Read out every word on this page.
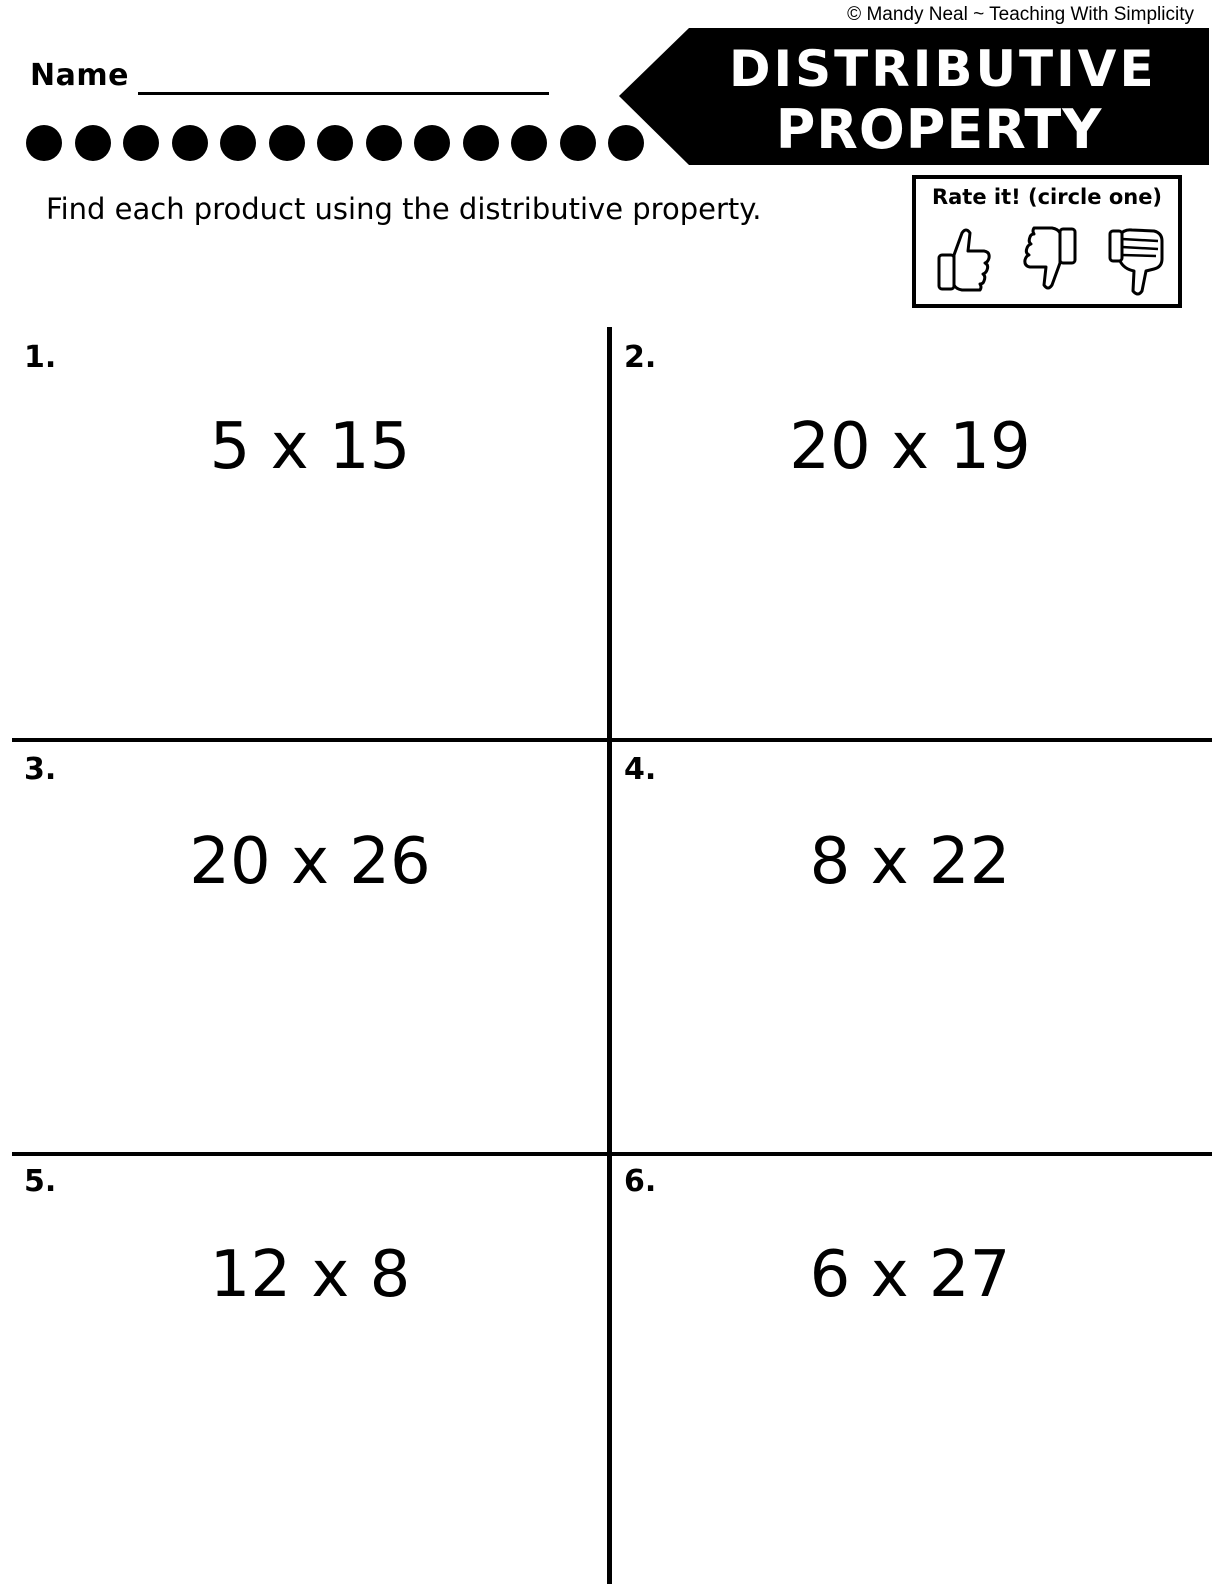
© Mandy Neal ~ Teaching With Simplicity
Name	DISTRIBUTIVE
PROPERTY
Find each product using the distributive property.	Rate it! (circle one)
1.
5 x 15
2.
20 x 19
3.
20 x 26
4.
8 x 22
5.
12 x 8
6.
6 x 27
